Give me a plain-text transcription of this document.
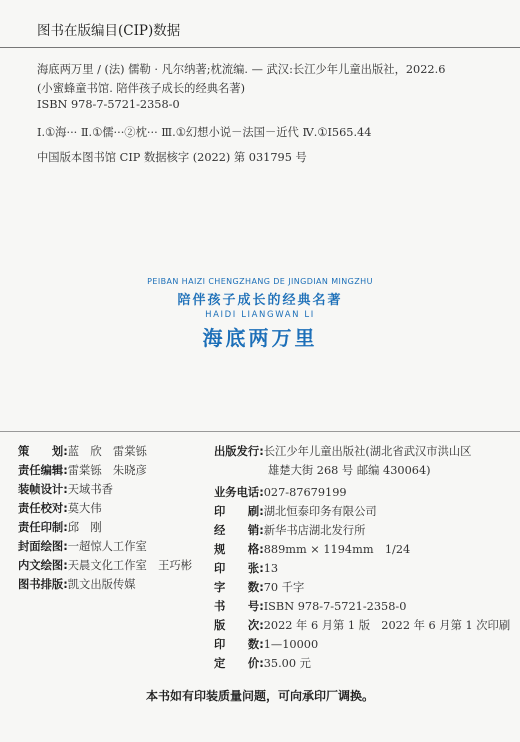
图书在版编目(CIP)数据
海底两万里 / (法) 儒勒 · 凡尔纳著;枕流编. — 武汉:长江少年儿童出版社，2022.6
(小蜜蜂童书馆. 陪伴孩子成长的经典名著)
ISBN 978-7-5721-2358-0
Ⅰ.①海··· Ⅱ.①儒···②枕··· Ⅲ.①幻想小说－法国－近代 Ⅳ.①I565.44
中国版本图书馆 CIP 数据核字 (2022) 第 031795 号
PEIBAN HAIZI CHENGZHANG DE JINGDIAN MINGZHU
陪伴孩子成长的经典名著
HAIDI LIANGWAN LI
海底两万里
策　　划:蓝　欣　雷棠铄
责任编辑:雷棠铄　朱晓彦
装帧设计:天域书香
责任校对:莫大伟
责任印制:邱　刚
封面绘图:一超惊人工作室
内文绘图:天晨文化工作室　王巧彬
图书排版:凯文出版传媒
出版发行:长江少年儿童出版社(湖北省武汉市洪山区
雄楚大街 268 号 邮编 430064)
业务电话:027-87679199
印　　刷:湖北恒泰印务有限公司
经　　销:新华书店湖北发行所
规　　格:889mm × 1194mm　1/24
印　　张:13
字　　数:70 千字
书　　号:ISBN 978-7-5721-2358-0
版　　次:2022 年 6 月第 1 版　2022 年 6 月第 1 次印刷
印　　数:1—10000
定　　价:35.00 元
本书如有印装质量问题，可向承印厂调换。
